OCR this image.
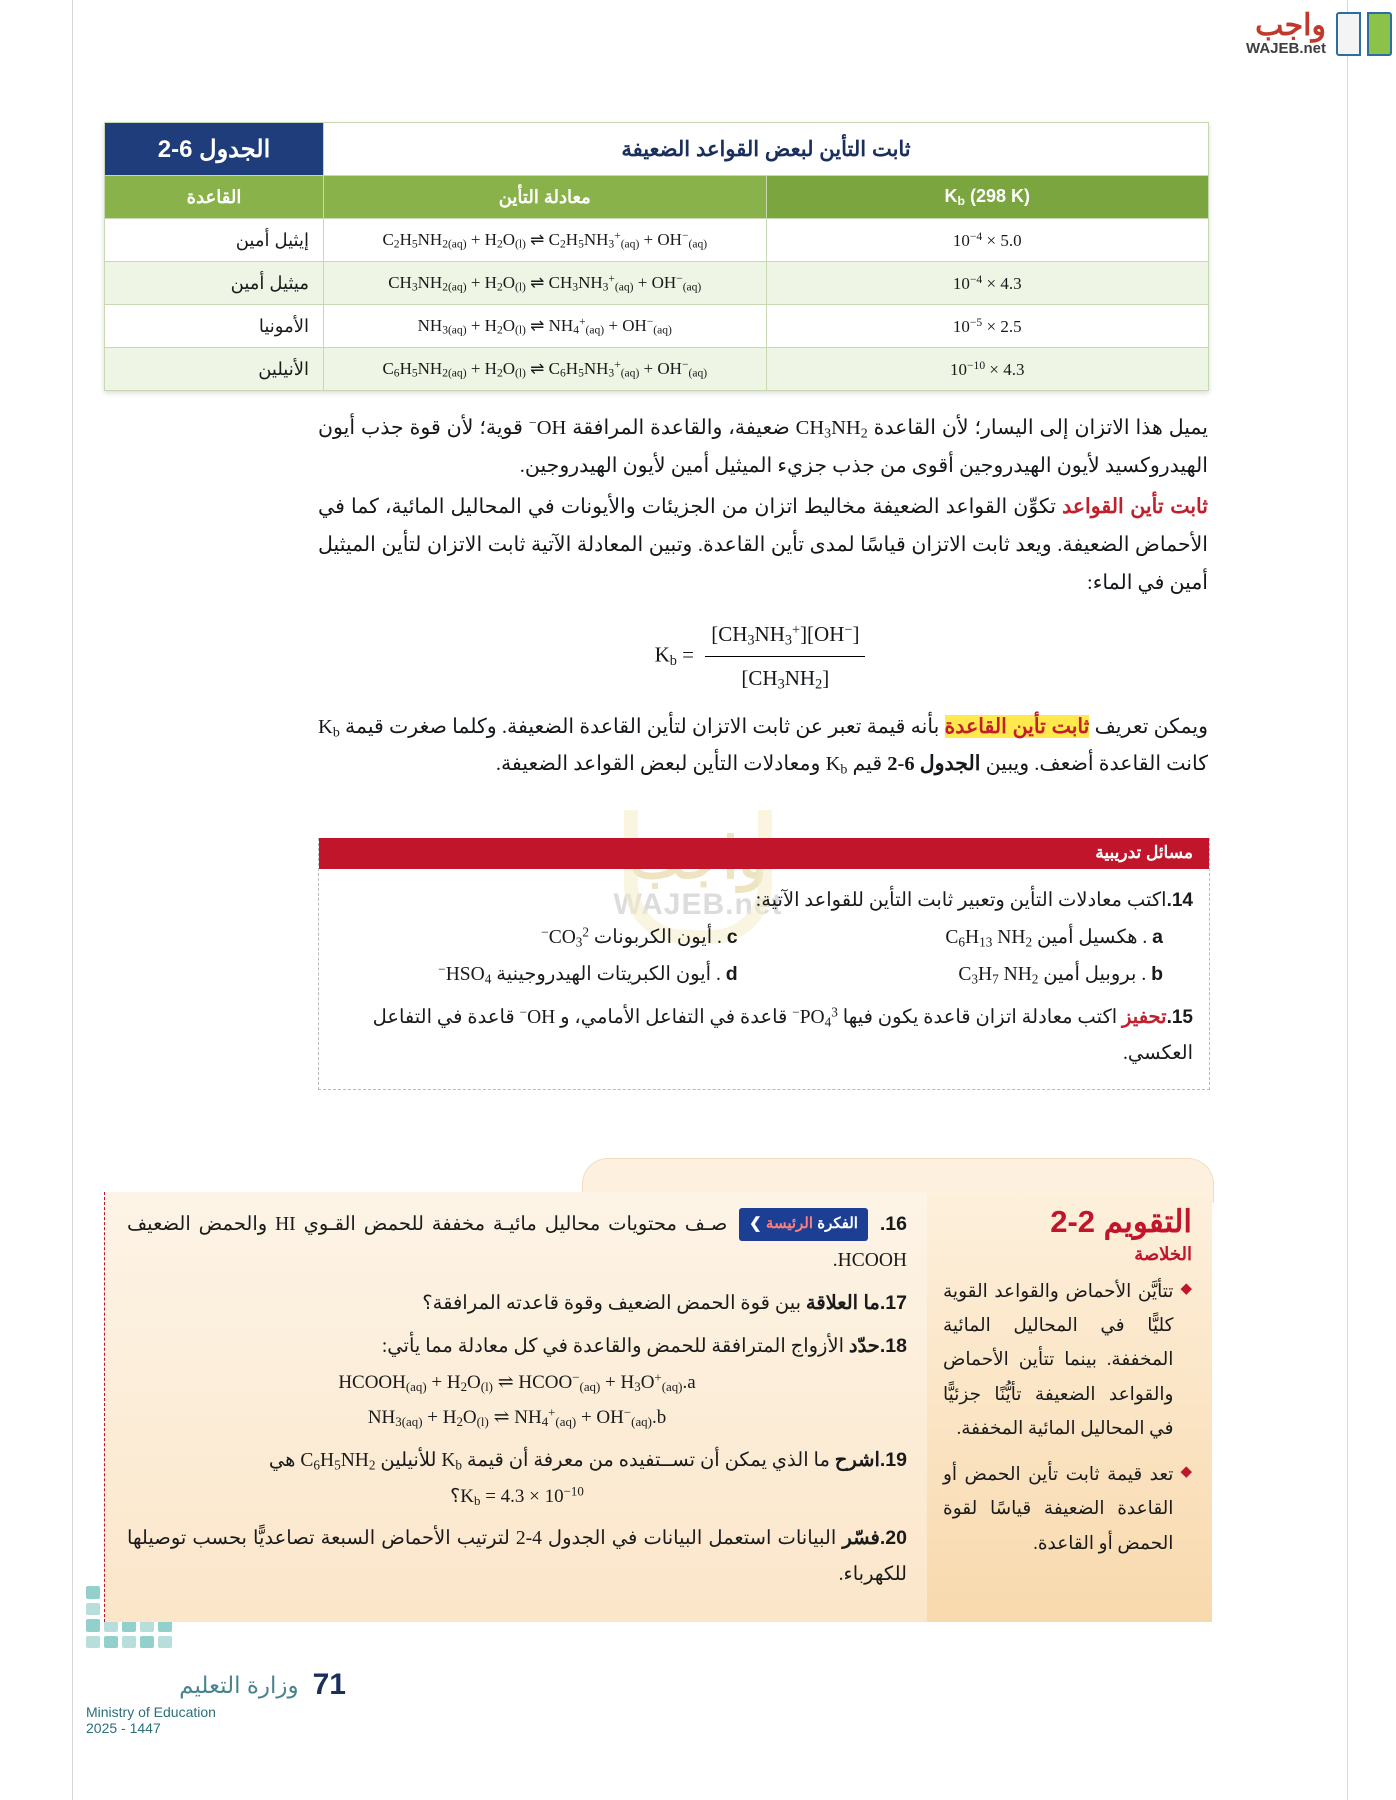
واجب
WAJEB.net
ثابت التأين لبعض القواعد الضعيفة		الجدول 6-2
$K_b$ (298 K)	معادلة التأين	القاعدة
$5.0 \times 10^{-4}$	$C_2H_5NH_{2(aq)} + H_2O_{(l)}$ ⇌ $C_2H_5NH_3^+_{(aq)} + OH^-_{(aq)}$	إيثيل أمين
$4.3 \times 10^{-4}$	$CH_3NH_{2(aq)} + H_2O_{(l)}$ ⇌ $CH_3NH_3^+_{(aq)} + OH^-_{(aq)}$	ميثيل أمين
$2.5 \times 10^{-5}$	$NH_{3(aq)} + H_2O_{(l)}$ ⇌ $NH_4^+_{(aq)} + OH^-_{(aq)}$	الأمونيا
$4.3 \times 10^{-10}$	$C_6H_5NH_{2(aq)} + H_2O_{(l)}$ ⇌ $C_6H_5NH_3^+_{(aq)} + OH^-_{(aq)}$	الأنيلين
WAJEB.net

يميل هذا الاتزان إلى اليسار؛ لأن القاعدة $CH_3NH_2$ ضعيفة، والقاعدة المرافقة OH− قوية؛ لأن قوة جذب أيون الهيدروكسيد لأيون الهيدروجين أقوى من جذب جزيء الميثيل أمين لأيون الهيدروجين.

ثابت تأين القواعد تكوِّن القواعد الضعيفة مخاليط اتزان من الجزيئات والأيونات في المحاليل المائية، كما في الأحماض الضعيفة. ويعد ثابت الاتزان قياسًا لمدى تأين القاعدة. وتبين المعادلة الآتية ثابت الاتزان لتأين الميثيل أمين في الماء:

$K_b = \frac{[CH_3NH_3^+][OH^-]}{[CH_3NH_2]}$

ويمكن تعريف ثابت تأين القاعدة بأنه قيمة تعبر عن ثابت الاتزان لتأين القاعدة الضعيفة. وكلما صغرت قيمة $K_b$ كانت القاعدة أضعف. ويبين الجدول 6-2 قيم $K_b$ ومعادلات التأين لبعض القواعد الضعيفة.

مسائل تدريبية
14.اكتب معادلات التأين وتعبير ثابت التأين للقواعد الآتية:
a . هكسيل أمين $C_6H_{13}$ $NH_2$
b . بروبيل أمين $C_3H_7$ $NH_2$
c . أيون الكربونات $CO_3^{2-}$
d . أيون الكبريتات الهيدروجينية $HSO_4^-$
15.تحفيز اكتب معادلة اتزان قاعدة يكون فيها $PO_4^{3-}$ قاعدة في التفاعل الأمامي، و OH− قاعدة في التفاعل العكسي.
التقويم 2-2
الخلاصة
◆
تتأيَّن الأحماض والقواعد القوية كليًّا في المحاليل المائية المخففة. بينما تتأين الأحماض والقواعد الضعيفة تأيُّنًا جزئيًّا في المحاليل المائية المخففة.
◆
تعد قيمة ثابت تأين الحمض أو القاعدة الضعيفة قياسًا لقوة الحمض أو القاعدة.
16. الفكرة الرئيسة ❯ صـف محتويات محاليل مائيـة مخففة للحمض القـوي HI والحمض الضعيف HCOOH.
17.ما العلاقة بين قوة الحمض الضعيف وقوة قاعدته المرافقة؟
18.حدّد الأزواج المترافقة للحمض والقاعدة في كل معادلة مما يأتي:
$HCOOH_{(aq)} + H_2O_{(l)}$ ⇌ $HCOO^-_{(aq)} + H_3O^+_{(aq)}.a$
$NH_{3(aq)} + H_2O_{(l)}$ ⇌ $NH_4^+_{(aq)} + OH^-_{(aq)}.b$
19.اشرح ما الذي يمكن أن تســتفيده من معرفة أن قيمة $K_b$ للأنيلين $C_6H_5NH_2$ هي
$؟K_b = 4.3 \times 10^{-10}$
20.فسّر البيانات استعمل البيانات في الجدول 4-2 لترتيب الأحماض السبعة تصاعديًّا بحسب توصيلها للكهرباء.
71 وزارة التعليم
Ministry of Education
2025 - 1447
